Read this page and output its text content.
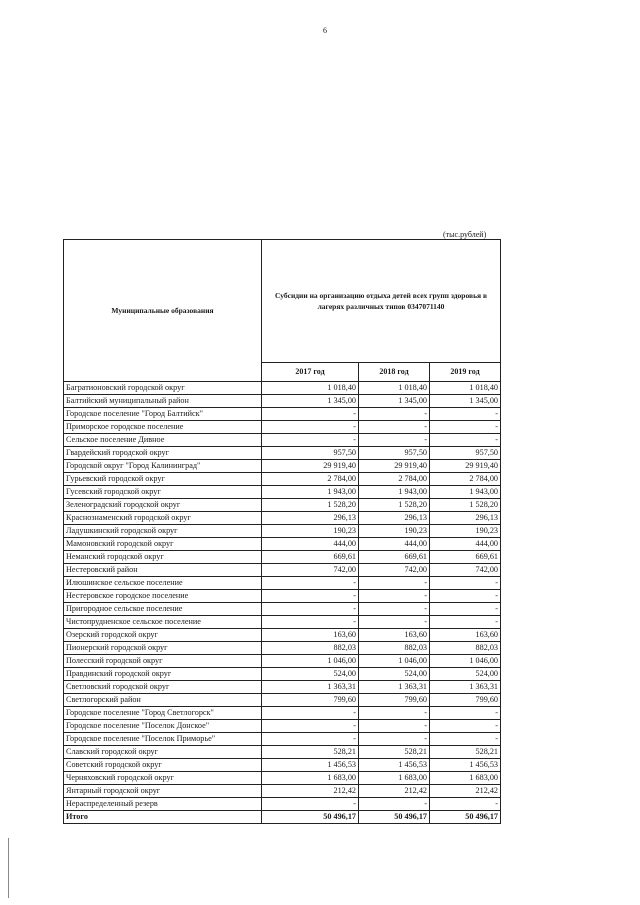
6
(тыс.рублей)
Муниципальные образования	Субсидии на организацию отдыха детей всех групп здоровья в лагерях различных типов 0347071140		
	2017 год	2018 год	2019 год
Багратионовский городской округ	1 018,40	1 018,40	1 018,40
Балтийский муниципальный район	1 345,00	1 345,00	1 345,00
Городское поселение "Город Балтийск"	-	-	-
Приморское городское поселение	-	-	-
Сельское поселение Дивное	-	-	-
Гвардейский городской округ	957,50	957,50	957,50
Городской округ "Город Калининград"	29 919,40	29 919,40	29 919,40
Гурьевский городской округ	2 784,00	2 784,00	2 784,00
Гусевский городской округ	1 943,00	1 943,00	1 943,00
Зеленоградский городской округ	1 528,20	1 528,20	1 528,20
Краснознаменский городской округ	296,13	296,13	296,13
Ладушкинский городской округ	190,23	190,23	190,23
Мамоновский городской округ	444,00	444,00	444,00
Неманский городской округ	669,61	669,61	669,61
Нестеровский район	742,00	742,00	742,00
Илюшинское сельское поселение	-	-	-
Нестеровское городское поселение	-	-	-
Пригородное сельское поселение	-	-	-
Чистопрудненское сельское поселение	-	-	-
Озерский городской округ	163,60	163,60	163,60
Пионерский городской округ	882,03	882,03	882,03
Полесский городской округ	1 046,00	1 046,00	1 046,00
Правдинский городской округ	524,00	524,00	524,00
Светловский городской округ	1 363,31	1 363,31	1 363,31
Светлогорский район	799,60	799,60	799,60
Городское поселение "Город Светлогорск"	-	-	-
Городское поселение "Поселок Донское"	-	-	-
Городское поселение "Поселок Приморье"	-	-	-
Славский городской округ	528,21	528,21	528,21
Советский городской округ	1 456,53	1 456,53	1 456,53
Черняховский городской округ	1 683,00	1 683,00	1 683,00
Янтарный городской округ	212,42	212,42	212,42
Нераспределенный резерв	-	-	-
Итого	50 496,17	50 496,17	50 496,17
